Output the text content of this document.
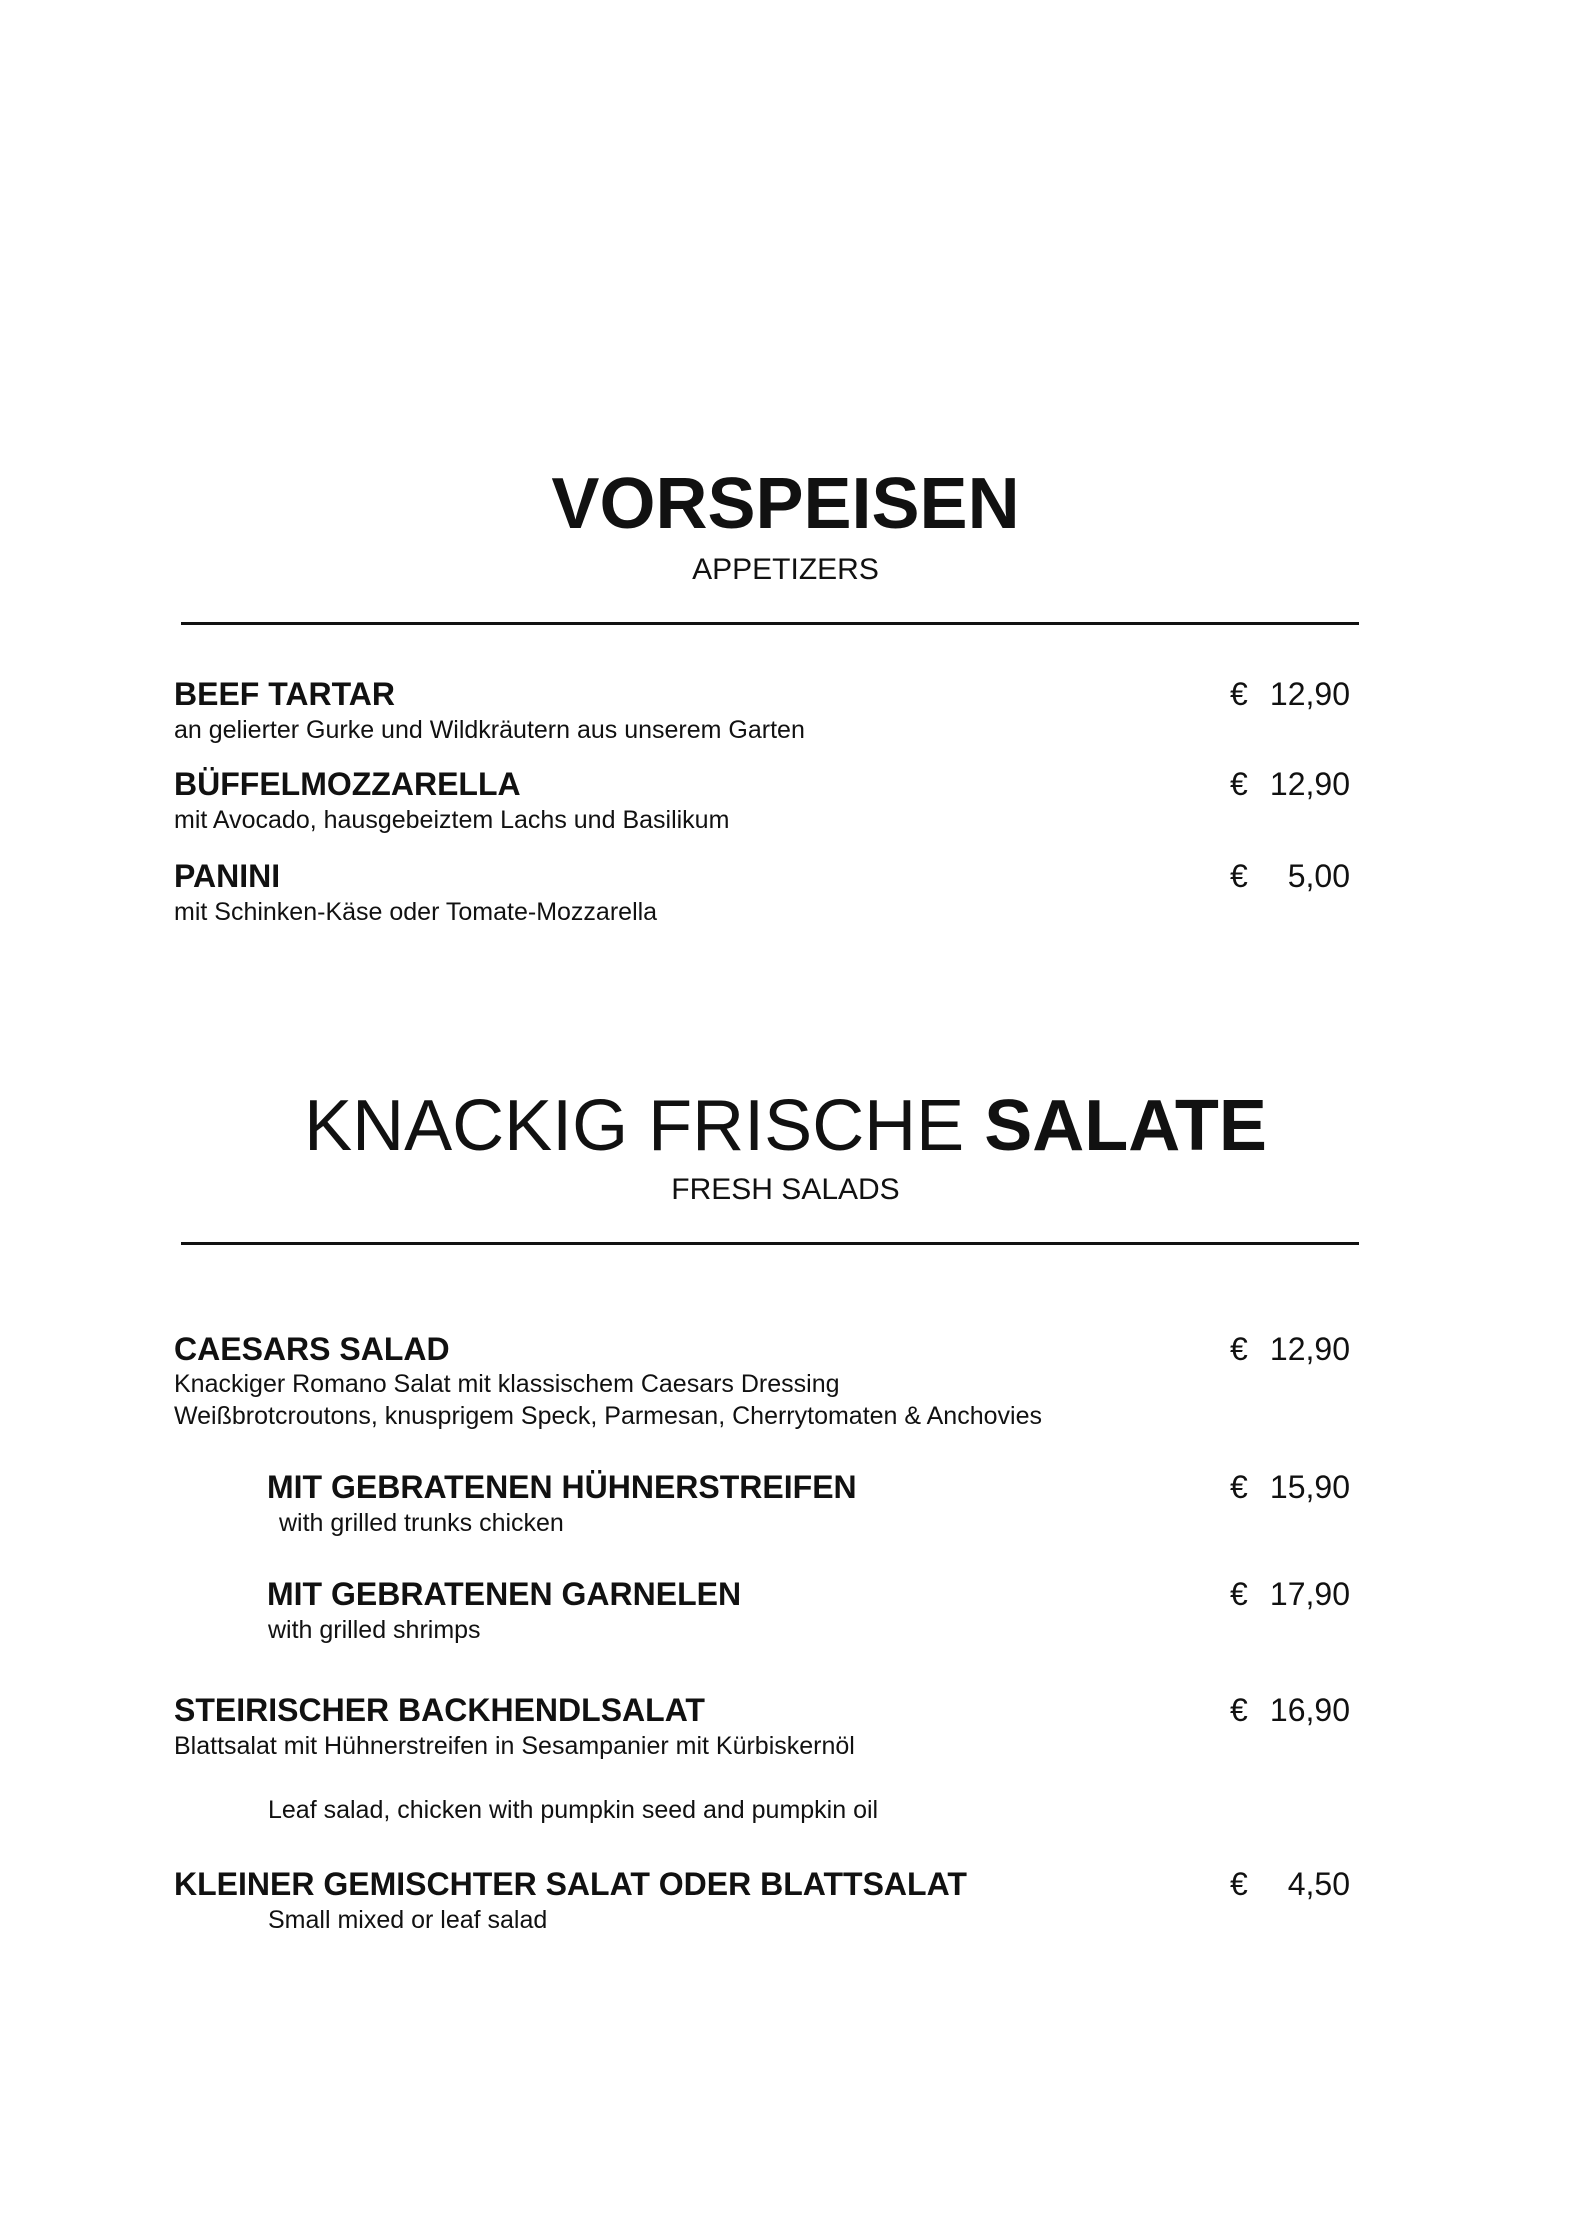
VORSPEISEN
APPETIZERS
BEEF TARTAR	€ 12,90
an gelierter Gurke und Wildkräutern aus unserem Garten
BÜFFELMOZZARELLA	€ 12,90
mit Avocado, hausgebeiztem Lachs und Basilikum
PANINI	€ 5,00
mit Schinken-Käse oder Tomate-Mozzarella
KNACKIG FRISCHE SALATE
FRESH SALADS
CAESARS SALAD	€ 12,90
Knackiger Romano Salat mit klassischem Caesars Dressing
Weißbrotcroutons, knusprigem Speck, Parmesan, Cherrytomaten & Anchovies
MIT GEBRATENEN HÜHNERSTREIFEN	€ 15,90
with grilled trunks chicken
MIT GEBRATENEN GARNELEN	€ 17,90
with grilled shrimps
STEIRISCHER BACKHENDLSALAT	€ 16,90
Blattsalat mit Hühnerstreifen in Sesampanier mit Kürbiskernöl
Leaf salad, chicken with pumpkin seed and pumpkin oil
KLEINER GEMISCHTER SALAT ODER BLATTSALAT	€ 4,50
Small mixed or leaf salad
